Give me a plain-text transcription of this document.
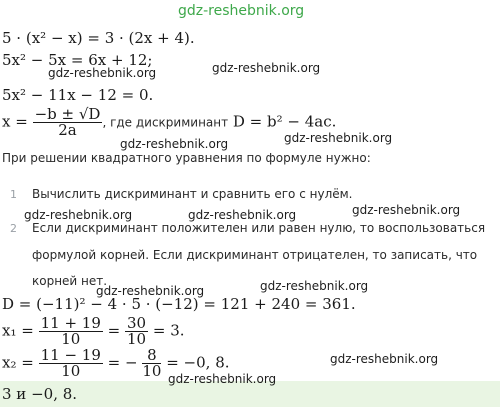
gdz-reshebnik.org
5 · (x² − x) = 3 · (2x + 4).
5x² − 5x = 6x + 12;
gdz-reshebnik.org	gdz-reshebnik.org
5x² − 11x − 12 = 0.
$x = \frac{-b \pm √D}{2a}$ , где дискриминант D = b² − 4ac.
gdz-reshebnik.org	gdz-reshebnik.org
При решении квадратного уравнения по формуле нужно:
1 Вычислить дискриминант и сравнить его с нулём.
gdz-reshebnik.org	gdz-reshebnik.org	gdz-reshebnik.org
2 Если дискриминант положителен или равен нулю, то воспользоваться
формулой корней. Если дискриминант отрицателен, то записать, что
корней нет.
gdz-reshebnik.org	gdz-reshebnik.org
D = (−11)² − 4 · 5 · (−12) = 121 + 240 = 361.
$x_1 = \frac{11 + 19}{10} = \frac{30}{10} = 3$.
$x_2 = \frac{11 - 19}{10}$ = − $\frac{8}{10} = -0$, 8.	gdz-reshebnik.org
gdz-reshebnik.org
3 и −0, 8.
